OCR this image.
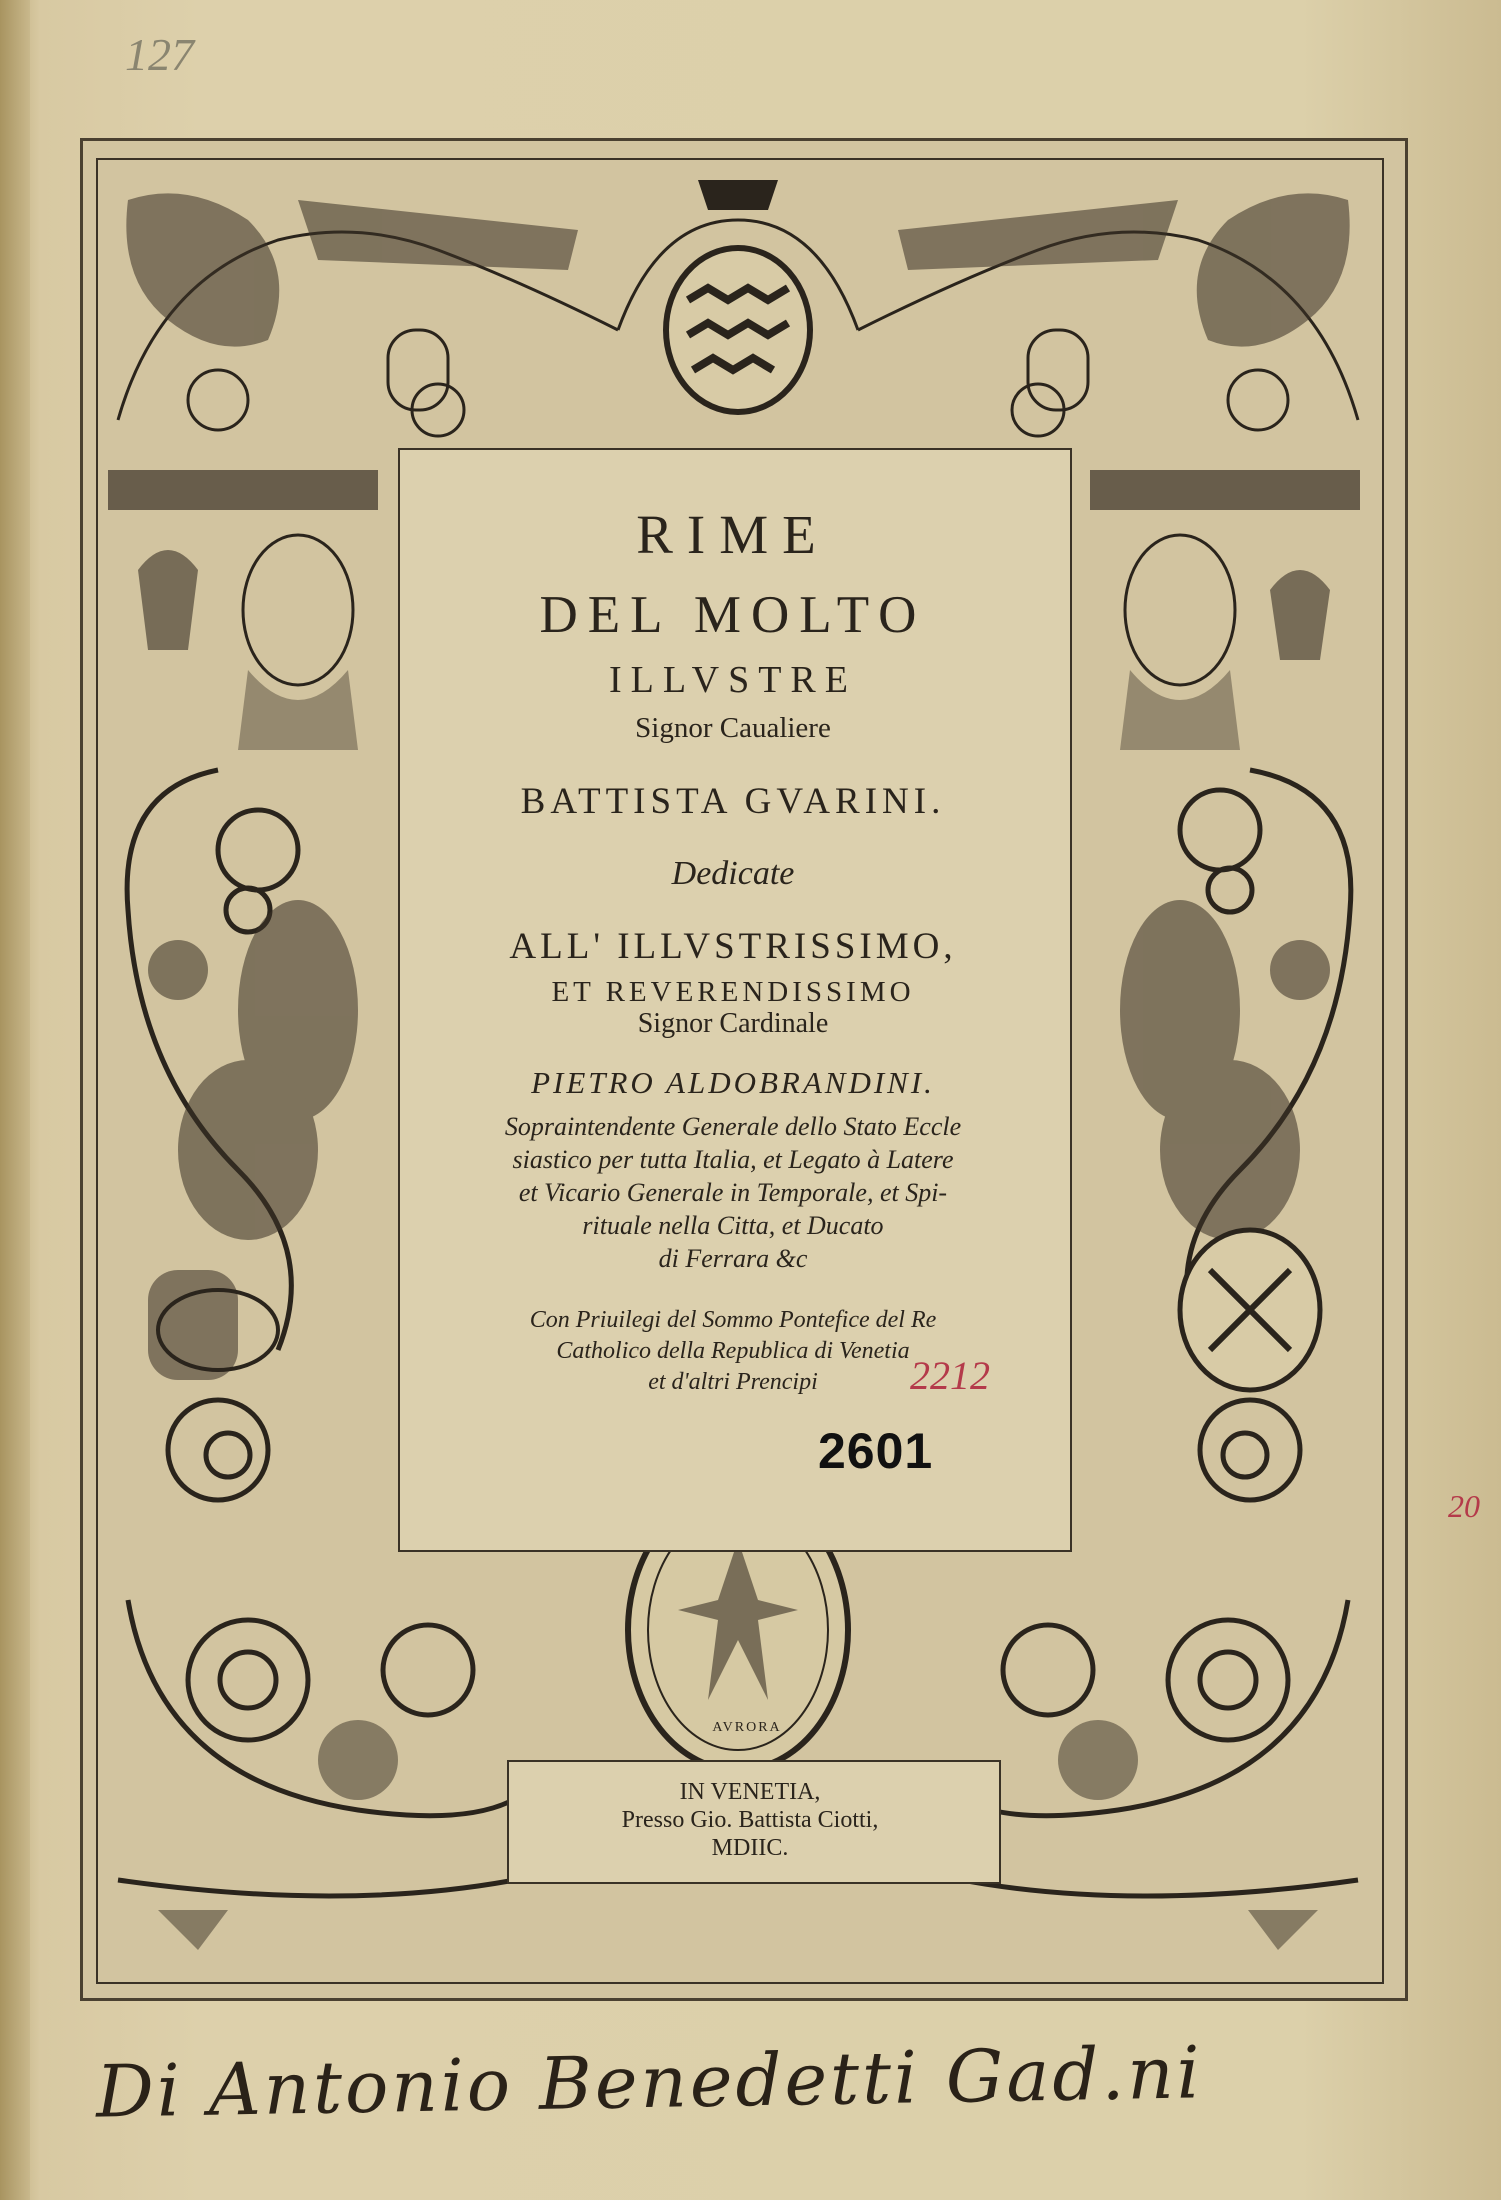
127
RIME
DEL MOLTO
ILLVSTRE
Signor Caualiere
BATTISTA GVARINI.
Dedicate
ALL' ILLVSTRISSIMO,
ET REVERENDISSIMO
Signor Cardinale
PIETRO ALDOBRANDINI.
Sopraintendente Generale dello Stato Eccle
siastico per tutta Italia, et Legato à Latere
et Vicario Generale in Temporale, et Spi-
rituale nella Citta, et Ducato
di Ferrara &c
Con Priuilegi del Sommo Pontefice del Re
Catholico della Republica di Venetia
et d'altri Prencipi	2212
2601
20
AVRORA
IN VENETIA,
Presso Gio. Battista Ciotti,
MDIIC.
Di Antonio Benedetti Gad.ni
